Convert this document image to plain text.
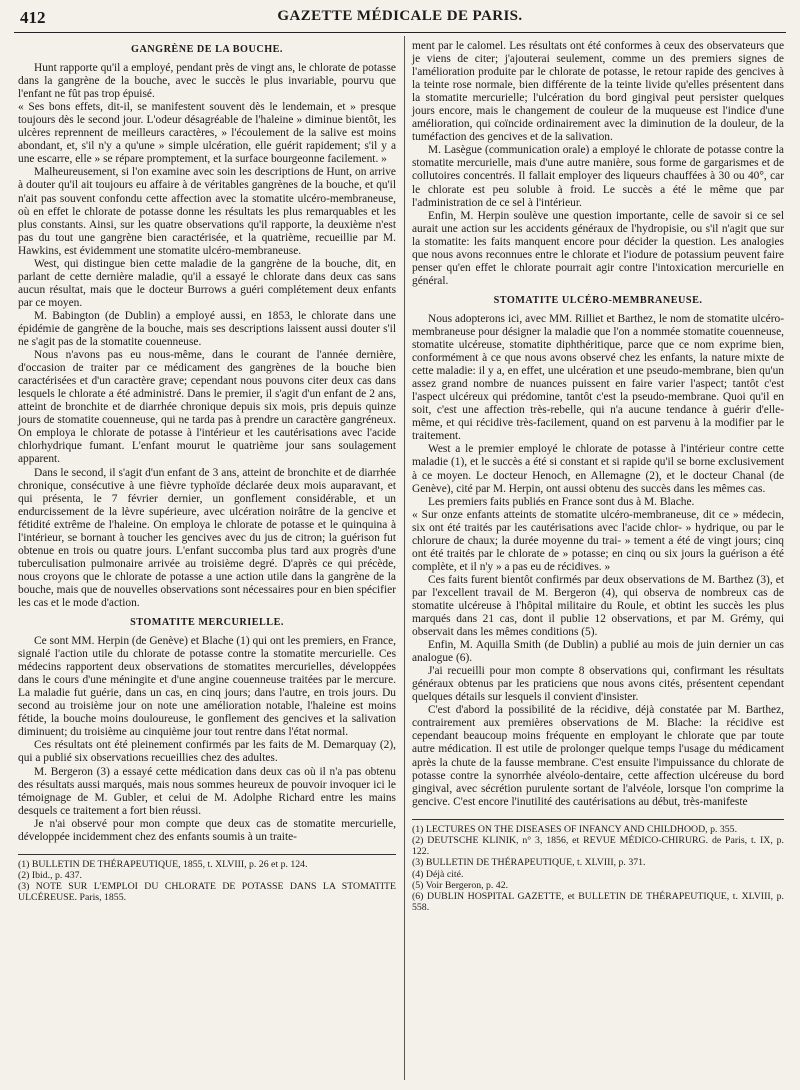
412	GAZETTE MÉDICALE DE PARIS.
GANGRÈNE DE LA BOUCHE.

Hunt rapporte qu'il a employé, pendant près de vingt ans, le chlorate de potasse dans la gangrène de la bouche, avec le succès le plus invariable, pourvu que l'enfant ne fût pas trop épuisé.

« Ses bons effets, dit-il, se manifestent souvent dès le lendemain, et » presque toujours dès le second jour. L'odeur désagréable de l'haleine » diminue bientôt, les ulcères reprennent de meilleurs caractères, » l'écoulement de la salive est moins abondant, et, s'il n'y a qu'une » simple ulcération, elle guérit rapidement; s'il y a une escarre, elle » se répare promptement, et la surface bourgeonne facilement. »

Malheureusement, si l'on examine avec soin les descriptions de Hunt, on arrive à douter qu'il ait toujours eu affaire à de véritables gangrènes de la bouche, et qu'il n'ait pas souvent confondu cette affection avec la stomatite ulcéro-membraneuse, où en effet le chlorate de potasse donne les résultats les plus remarquables et les plus constants. Ainsi, sur les quatre observations qu'il rapporte, la deuxième n'est pas du tout une gangrène bien caractérisée, et la quatrième, recueillie par M. Hawkins, est évidemment une stomatite ulcéro-membraneuse.

West, qui distingue bien cette maladie de la gangrène de la bouche, dit, en parlant de cette dernière maladie, qu'il a essayé le chlorate dans deux cas sans aucun résultat, mais que le docteur Burrows a guéri complétement deux enfants par ce moyen.

M. Babington (de Dublin) a employé aussi, en 1853, le chlorate dans une épidémie de gangrène de la bouche, mais ses descriptions laissent aussi douter s'il ne s'agit pas de la stomatite couenneuse.

Nous n'avons pas eu nous-même, dans le courant de l'année dernière, d'occasion de traiter par ce médicament des gangrènes de la bouche bien caractérisées et d'un caractère grave; cependant nous pouvons citer deux cas dans lesquels le chlorate a été administré. Dans le premier, il s'agit d'un enfant de 2 ans, atteint de bronchite et de diarrhée chronique depuis six mois, pris depuis quinze jours de stomatite couenneuse, qui ne tarda pas à prendre un caractère gangréneux. On employa le chlorate de potasse à l'intérieur et les cautérisations avec l'acide chlorhydrique fumant. L'enfant mourut le quatrième jour sans soulagement apparent.

Dans le second, il s'agit d'un enfant de 3 ans, atteint de bronchite et de diarrhée chronique, consécutive à une fièvre typhoïde déclarée deux mois auparavant, et qui présenta, le 7 février dernier, un gonflement considérable, et un endurcissement de la lèvre supérieure, avec ulcération noirâtre de la gencive et fétidité extrême de l'haleine. On employa le chlorate de potasse et le quinquina à l'intérieur, se bornant à toucher les gencives avec du jus de citron; la guérison fut obtenue en trois ou quatre jours. L'enfant succomba plus tard aux progrès d'une tuberculisation pulmonaire arrivée au troisième degré. D'après ce qui précède, nous croyons que le chlorate de potasse a une action utile dans la gangrène de la bouche, mais que de nouvelles observations sont nécessaires pour en bien spécifier les cas et le mode d'action.

STOMATITE MERCURIELLE.

Ce sont MM. Herpin (de Genève) et Blache (1) qui ont les premiers, en France, signalé l'action utile du chlorate de potasse contre la stomatite mercurielle. Ces médecins rapportent deux observations de stomatites mercurielles, développées dans le cours d'une méningite et d'une angine couenneuse traitées par le mercure. La maladie fut guérie, dans un cas, en cinq jours; dans l'autre, en trois jours. Du second au troisième jour on note une amélioration notable, l'haleine est moins fétide, la bouche moins douloureuse, le gonflement des gencives et la salivation diminuent; du troisième au cinquième jour tout rentre dans l'état normal.

Ces résultats ont été pleinement confirmés par les faits de M. Demarquay (2), qui a publié six observations recueillies chez des adultes.

M. Bergeron (3) a essayé cette médication dans deux cas où il n'a pas obtenu des résultats aussi marqués, mais nous sommes heureux de pouvoir invoquer ici le témoignage de M. Gubler, et celui de M. Adolphe Richard entre les mains desquels ce traitement a fort bien réussi.

Je n'ai observé pour mon compte que deux cas de stomatite mercurielle, développée incidemment chez des enfants soumis à un traite-

(1) BULLETIN DE THÉRAPEUTIQUE, 1855, t. XLVIII, p. 26 et p. 124.

(2) Ibid., p. 437.

(3) NOTE SUR L'EMPLOI DU CHLORATE DE POTASSE DANS LA STOMATITE ULCÉREUSE. Paris, 1855.

ment par le calomel. Les résultats ont été conformes à ceux des observateurs que je viens de citer; j'ajouterai seulement, comme un des premiers signes de l'amélioration produite par le chlorate de potasse, le retour rapide des gencives à la teinte rose normale, bien différente de la teinte livide qu'elles présentent dans la stomatite mercurielle; l'ulcération du bord gingival peut persister quelques jours encore, mais le changement de couleur de la muqueuse est l'indice d'une amélioration, qui coïncide ordinairement avec la diminution de la douleur, de la tuméfaction des gencives et de la salivation.

M. Lasègue (communication orale) a employé le chlorate de potasse contre la stomatite mercurielle, mais d'une autre manière, sous forme de gargarismes et de collutoires concentrés. Il fallait employer des liqueurs chauffées à 30 ou 40°, car le chlorate est peu soluble à froid. Le succès a été le même que par l'administration de ce sel à l'intérieur.

Enfin, M. Herpin soulève une question importante, celle de savoir si ce sel aurait une action sur les accidents généraux de l'hydropisie, ou s'il n'agit que sur la stomatite: les faits manquent encore pour décider la question. Les analogies que nous avons reconnues entre le chlorate et l'iodure de potassium peuvent faire penser qu'en effet le chlorate pourrait agir contre l'intoxication mercurielle en général.

STOMATITE ULCÉRO-MEMBRANEUSE.

Nous adopterons ici, avec MM. Rilliet et Barthez, le nom de stomatite ulcéro-membraneuse pour désigner la maladie que l'on a nommée stomatite couenneuse, stomatite ulcéreuse, stomatite diphthéritique, parce que ce nom exprime bien, conformément à ce que nous avons observé chez les enfants, la nature mixte de cette maladie: il y a, en effet, une ulcération et une pseudo-membrane, bien qu'un assez grand nombre de nuances puissent en faire varier l'aspect; tantôt c'est l'aspect ulcéreux qui prédomine, tantôt c'est la pseudo-membrane. Quoi qu'il en soit, c'est une affection très-rebelle, qui n'a aucune tendance à guérir d'elle-même, et qui récidive très-facilement, quand on est parvenu à la modifier par le traitement.

West a le premier employé le chlorate de potasse à l'intérieur contre cette maladie (1), et le succès a été si constant et si rapide qu'il se borne exclusivement à ce moyen. Le docteur Henoch, en Allemagne (2), et le docteur Chanal (de Genève), cité par M. Herpin, ont aussi obtenu des succès dans les mêmes cas.

Les premiers faits publiés en France sont dus à M. Blache.

« Sur onze enfants atteints de stomatite ulcéro-membraneuse, dit ce » médecin, six ont été traités par les cautérisations avec l'acide chlor- » hydrique, ou par le chlorure de chaux; la durée moyenne du trai- » tement a été de vingt jours; cinq ont été traités par le chlorate de » potasse; en cinq ou six jours la guérison a été complète, et il n'y » a pas eu de récidives. »

Ces faits furent bientôt confirmés par deux observations de M. Barthez (3), et par l'excellent travail de M. Bergeron (4), qui observa de nombreux cas de stomatite ulcéreuse à l'hôpital militaire du Roule, et obtint les succès les plus marqués dans 21 cas, dont il publie 12 observations, et par M. Grémy, qui observait dans les mêmes conditions (5).

Enfin, M. Aquilla Smith (de Dublin) a publié au mois de juin dernier un cas analogue (6).

J'ai recueilli pour mon compte 8 observations qui, confirmant les résultats généraux obtenus par les praticiens que nous avons cités, présentent cependant quelques détails sur lesquels il convient d'insister.

C'est d'abord la possibilité de la récidive, déjà constatée par M. Barthez, contrairement aux premières observations de M. Blache: la récidive est cependant beaucoup moins fréquente en employant le chlorate que par toute autre médication. Il est utile de prolonger quelque temps l'usage du médicament après la chute de la fausse membrane. C'est ensuite l'impuissance du chlorate de potasse contre la synorrhée alvéolo-dentaire, cette affection ulcéreuse du bord gingival, avec sécrétion purulente sortant de l'alvéole, lorsque l'on comprime la gencive. C'est encore l'inutilité des cautérisations au début, très-manifeste

(1) LECTURES ON THE DISEASES OF INFANCY AND CHILDHOOD, p. 355.

(2) DEUTSCHE KLINIK, n° 3, 1856, et REVUE MÉDICO-CHIRURG. de Paris, t. IX, p. 122.

(3) BULLETIN DE THÉRAPEUTIQUE, t. XLVIII, p. 371.

(4) Déjà cité.

(5) Voir Bergeron, p. 42.

(6) DUBLIN HOSPITAL GAZETTE, et BULLETIN DE THÉRAPEUTIQUE, t. XLVIII, p. 558.
